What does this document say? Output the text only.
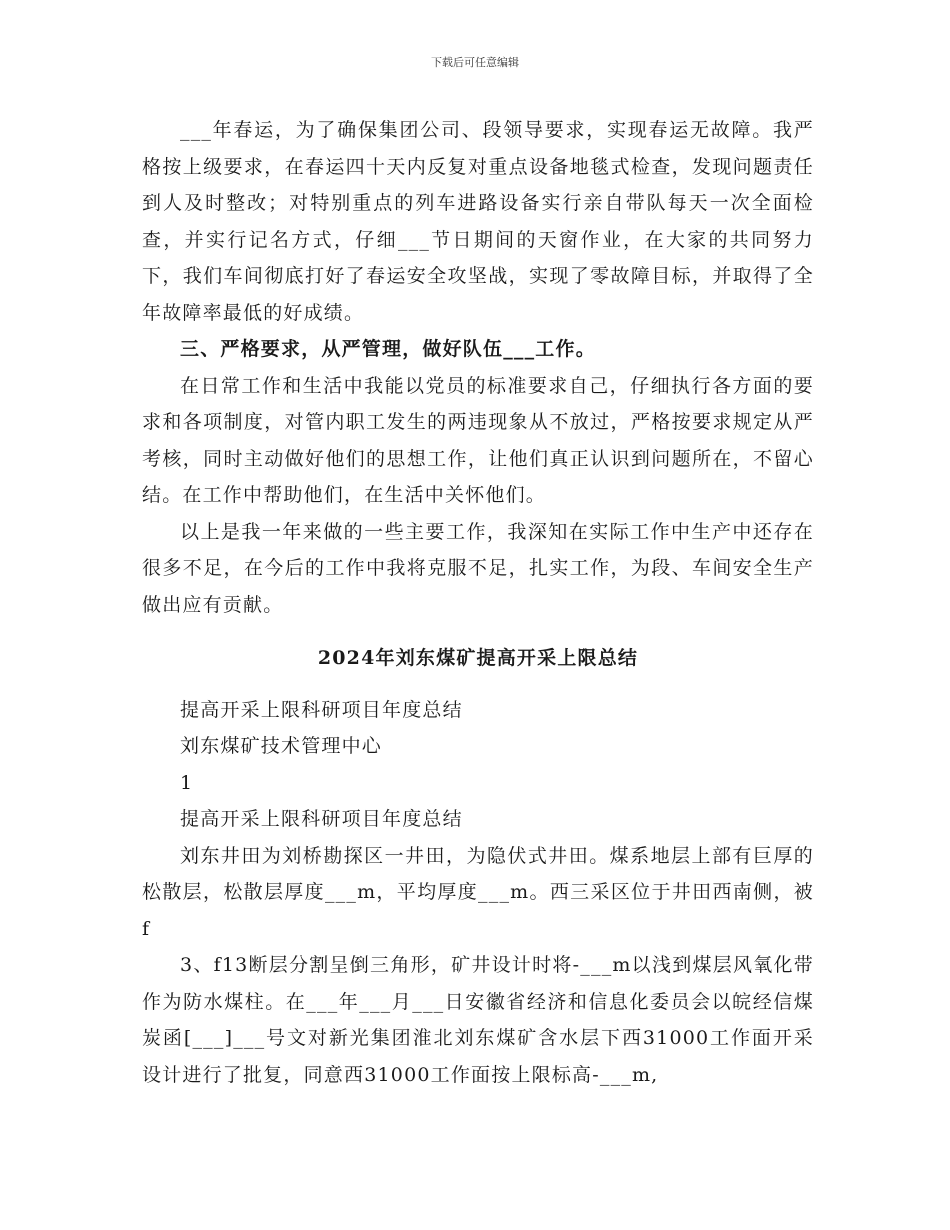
下载后可任意编辑

___年春运，为了确保集团公司、段领导要求，实现春运无故障。我严格按上级要求，在春运四十天内反复对重点设备地毯式检查，发现问题责任到人及时整改；对特别重点的列车进路设备实行亲自带队每天一次全面检查，并实行记名方式，仔细___节日期间的天窗作业，在大家的共同努力下，我们车间彻底打好了春运安全攻坚战，实现了零故障目标，并取得了全年故障率最低的好成绩。

三、严格要求，从严管理，做好队伍___工作。

在日常工作和生活中我能以党员的标准要求自己，仔细执行各方面的要求和各项制度，对管内职工发生的两违现象从不放过，严格按要求规定从严考核，同时主动做好他们的思想工作，让他们真正认识到问题所在，不留心结。在工作中帮助他们，在生活中关怀他们。

以上是我一年来做的一些主要工作，我深知在实际工作中生产中还存在很多不足，在今后的工作中我将克服不足，扎实工作，为段、车间安全生产做出应有贡献。

2024年刘东煤矿提高开采上限总结

提高开采上限科研项目年度总结

刘东煤矿技术管理中心

1

提高开采上限科研项目年度总结

刘东井田为刘桥勘探区一井田，为隐伏式井田。煤系地层上部有巨厚的松散层，松散层厚度___m，平均厚度___m。西三采区位于井田西南侧，被f

3、f13断层分割呈倒三角形，矿井设计时将-___m以浅到煤层风氧化带作为防水煤柱。在___年___月___日安徽省经济和信息化委员会以皖经信煤炭函[___]___号文对新光集团淮北刘东煤矿含水层下西31000工作面开采设计进行了批复，同意西31000工作面按上限标高-___m,
